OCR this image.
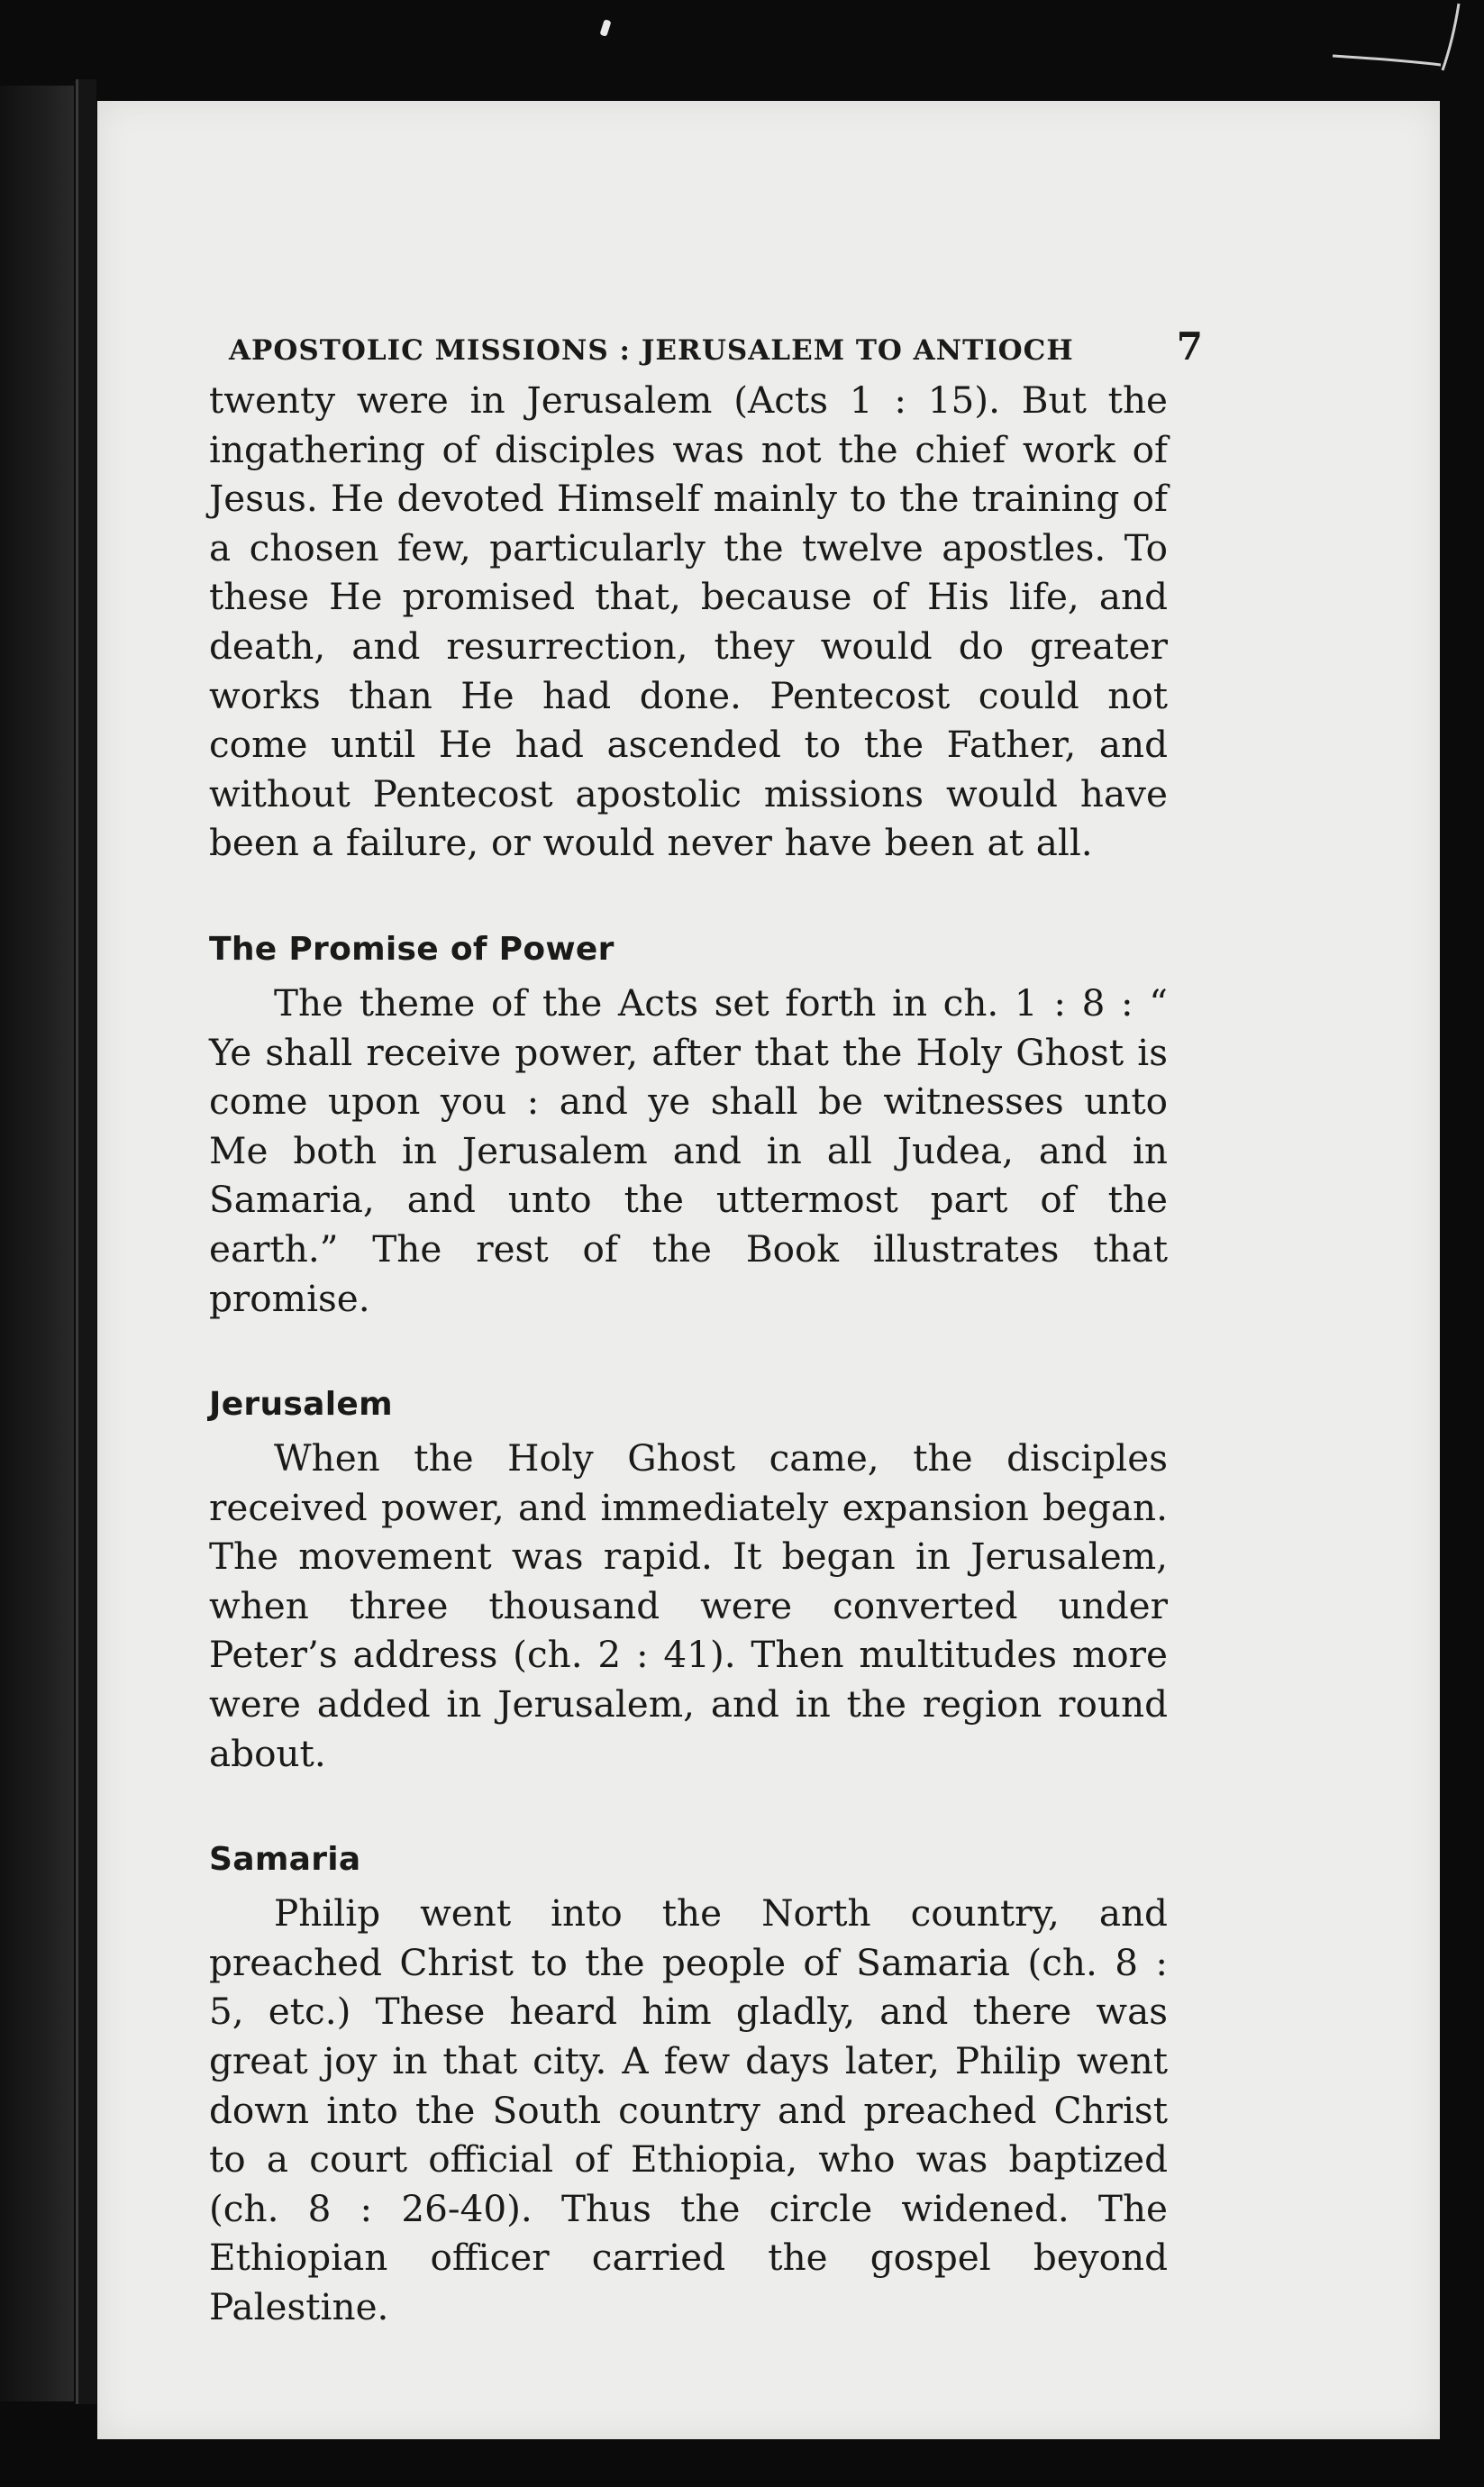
APOSTOLIC MISSIONS : JERUSALEM TO ANTIOCH	7

twenty were in Jerusalem (Acts 1 : 15). But the ingathering of disciples was not the chief work of Jesus. He devoted Himself mainly to the training of a chosen few, particularly the twelve apostles. To these He promised that, because of His life, and death, and resurrection, they would do greater works than He had done. Pentecost could not come until He had ascended to the Father, and without Pentecost apostolic missions would have been a failure, or would never have been at all.

The Promise of Power

The theme of the Acts set forth in ch. 1 : 8 : “ Ye shall receive power, after that the Holy Ghost is come upon you : and ye shall be witnesses unto Me both in Jerusalem and in all Judea, and in Samaria, and unto the uttermost part of the earth.” The rest of the Book illustrates that promise.

Jerusalem

When the Holy Ghost came, the disciples received power, and immediately expansion began. The movement was rapid. It began in Jerusalem, when three thousand were converted under Peter’s address (ch. 2 : 41). Then multitudes more were added in Jerusalem, and in the region round about.

Samaria

Philip went into the North country, and preached Christ to the people of Samaria (ch. 8 : 5, etc.) These heard him gladly, and there was great joy in that city. A few days later, Philip went down into the South country and preached Christ to a court official of Ethiopia, who was baptized (ch. 8 : 26-40). Thus the circle widened. The Ethiopian officer carried the gospel beyond Palestine.
